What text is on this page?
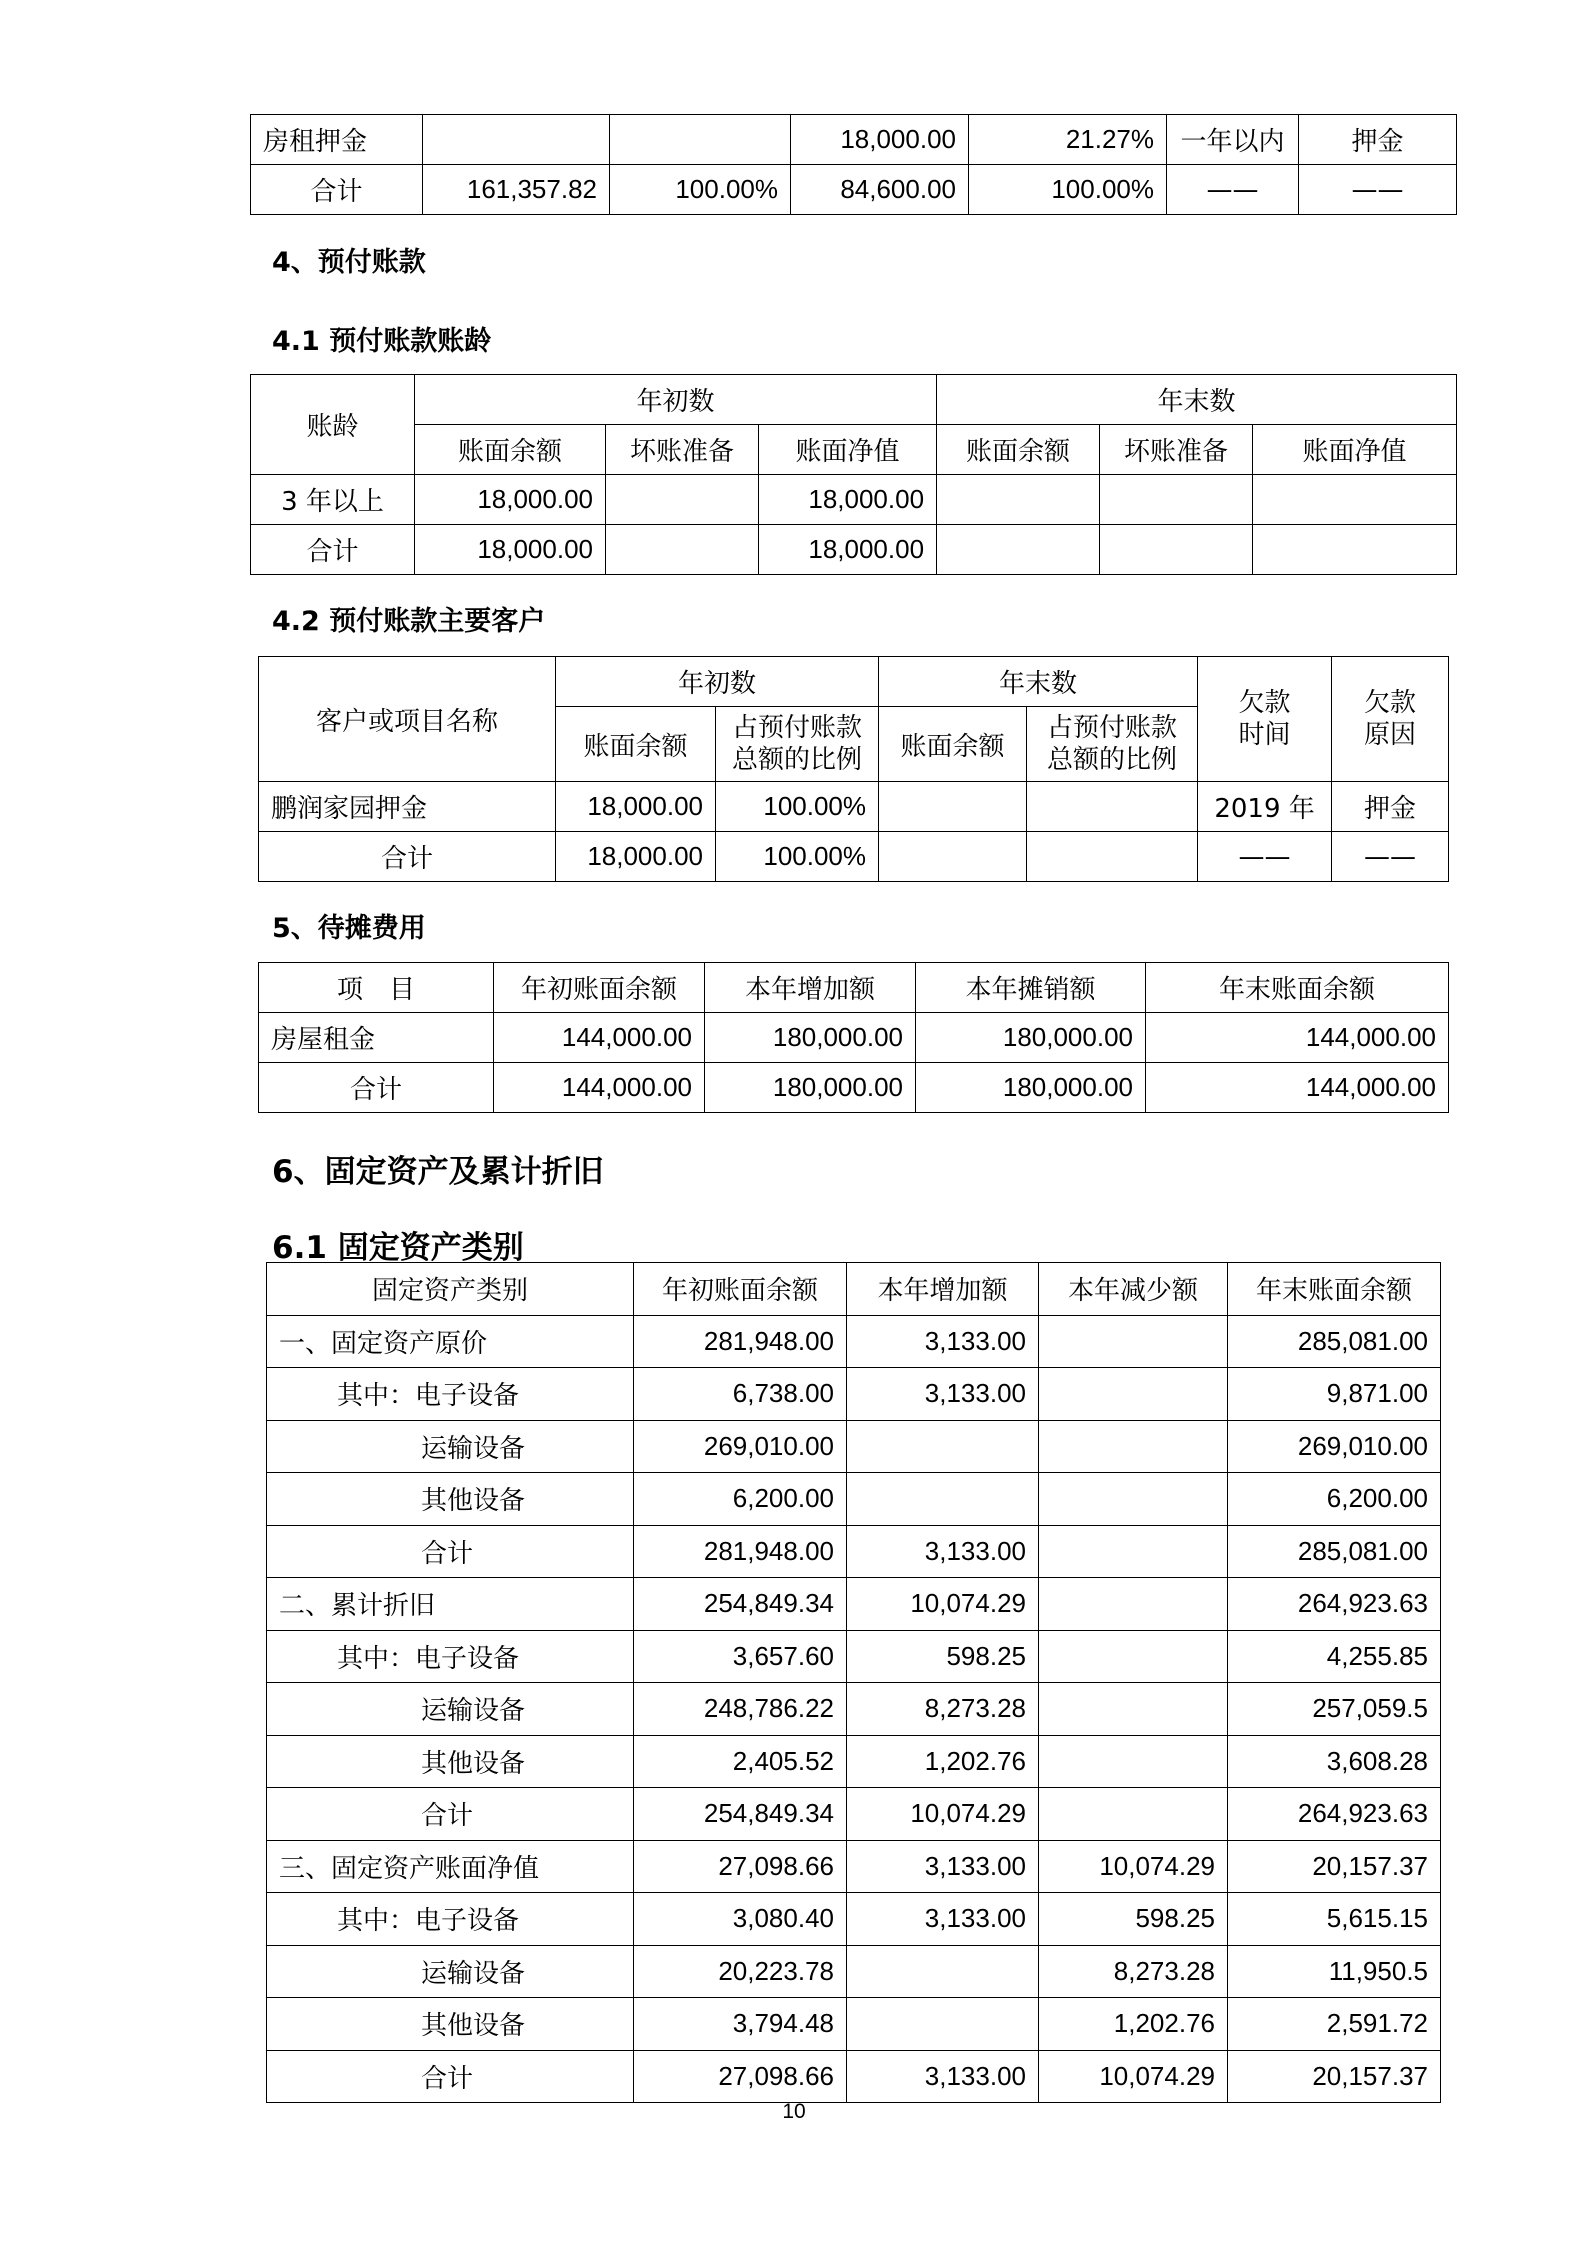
房租押金			18,000.00	21.27%	一年以内	押金
合计	161,357.82	100.00%	84,600.00	100.00%	——	——
4、预付账款
4.1 预付账款账龄
账龄	年初数			年末数		
	账面余额	坏账准备	账面净值	账面余额	坏账准备	账面净值
3 年以上	18,000.00		18,000.00			
合计	18,000.00		18,000.00			
4.2 预付账款主要客户
客户或项目名称	年初数		年末数		欠款时间	欠款原因
	账面余额	占预付账款总额的比例	账面余额	占预付账款总额的比例		
鹏润家园押金	18,000.00	100.00%			2019 年	押金
合计	18,000.00	100.00%			——	——
5、待摊费用
项　目	年初账面余额	本年增加额	本年摊销额	年末账面余额
房屋租金	144,000.00	180,000.00	180,000.00	144,000.00
合计	144,000.00	180,000.00	180,000.00	144,000.00
6、固定资产及累计折旧
6.1 固定资产类别
固定资产类别	年初账面余额	本年增加额	本年减少额	年末账面余额
一、固定资产原价	281,948.00	3,133.00		285,081.00
其中：电子设备	6,738.00	3,133.00		9,871.00
运输设备	269,010.00			269,010.00
其他设备	6,200.00			6,200.00
合计	281,948.00	3,133.00		285,081.00
二、累计折旧	254,849.34	10,074.29		264,923.63
其中：电子设备	3,657.60	598.25		4,255.85
运输设备	248,786.22	8,273.28		257,059.5
其他设备	2,405.52	1,202.76		3,608.28
合计	254,849.34	10,074.29		264,923.63
三、固定资产账面净值	27,098.66	3,133.00	10,074.29	20,157.37
其中：电子设备	3,080.40	3,133.00	598.25	5,615.15
运输设备	20,223.78		8,273.28	11,950.5
其他设备	3,794.48		1,202.76	2,591.72
合计	27,098.66	3,133.00	10,074.29	20,157.37
10
